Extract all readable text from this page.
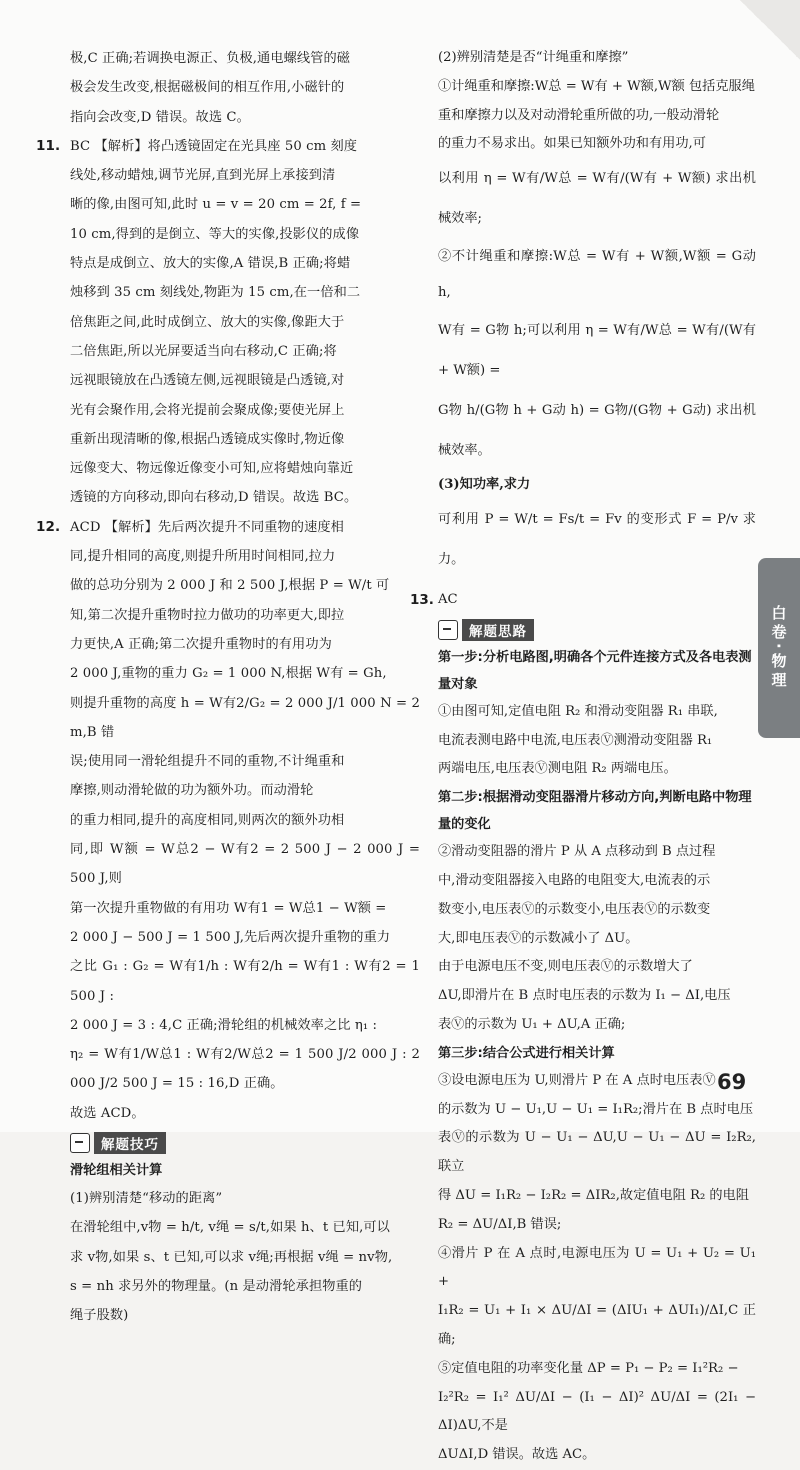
极,C 正确;若调换电源正、负极,通电螺线管的磁

极会发生改变,根据磁极间的相互作用,小磁针的

指向会改变,D 错误。故选 C。

11. BC 【解析】将凸透镜固定在光具座 50 cm 刻度

线处,移动蜡烛,调节光屏,直到光屏上承接到清

晰的像,由图可知,此时 u = v = 20 cm = 2f, f =

10 cm,得到的是倒立、等大的实像,投影仪的成像

特点是成倒立、放大的实像,A 错误,B 正确;将蜡

烛移到 35 cm 刻线处,物距为 15 cm,在一倍和二

倍焦距之间,此时成倒立、放大的实像,像距大于

二倍焦距,所以光屏要适当向右移动,C 正确;将

远视眼镜放在凸透镜左侧,远视眼镜是凸透镜,对

光有会聚作用,会将光提前会聚成像;要使光屏上

重新出现清晰的像,根据凸透镜成实像时,物近像

远像变大、物远像近像变小可知,应将蜡烛向靠近

透镜的方向移动,即向右移动,D 错误。故选 BC。

12. ACD 【解析】先后两次提升不同重物的速度相

同,提升相同的高度,则提升所用时间相同,拉力

做的总功分别为 2 000 J 和 2 500 J,根据 P = W/t 可

知,第二次提升重物时拉力做功的功率更大,即拉

力更快,A 正确;第二次提升重物时的有用功为

2 000 J,重物的重力 G₂ = 1 000 N,根据 W有 = Gh,

则提升重物的高度 h = W有2/G₂ = 2 000 J/1 000 N = 2 m,B 错

误;使用同一滑轮组提升不同的重物,不计绳重和

摩擦,则动滑轮做的功为额外功。而动滑轮

的重力相同,提升的高度相同,则两次的额外功相

同,即 W额 = W总2 − W有2 = 2 500 J − 2 000 J = 500 J,则

第一次提升重物做的有用功 W有1 = W总1 − W额 =

2 000 J − 500 J = 1 500 J,先后两次提升重物的重力

之比 G₁ : G₂ = W有1/h : W有2/h = W有1 : W有2 = 1 500 J :

2 000 J = 3 : 4,C 正确;滑轮组的机械效率之比 η₁ :

η₂ = W有1/W总1 : W有2/W总2 = 1 500 J/2 000 J : 2 000 J/2 500 J = 15 : 16,D 正确。

故选 ACD。

解题技巧
滑轮组相关计算
(1)辨别清楚“移动的距离”

在滑轮组中,v物 = h/t, v绳 = s/t,如果 h、t 已知,可以

求 v物,如果 s、t 已知,可以求 v绳;再根据 v绳 = nv物,

s = nh 求另外的物理量。(n 是动滑轮承担物重的

绳子股数)

(2)辨别清楚是否“计绳重和摩擦”

①计绳重和摩擦:W总 = W有 + W额,W额 包括克服绳

重和摩擦力以及对动滑轮重所做的功,一般动滑轮

的重力不易求出。如果已知额外功和有用功,可

以利用 η = W有/W总 = W有/(W有 + W额) 求出机械效率;

②不计绳重和摩擦:W总 = W有 + W额,W额 = G动 h,

W有 = G物 h;可以利用 η = W有/W总 = W有/(W有 + W额) =

G物 h/(G物 h + G动 h) = G物/(G物 + G动) 求出机械效率。

(3)知功率,求力
可利用 P = W/t = Fs/t = Fv 的变形式 F = P/v 求力。
13. AC

解题思路
第一步:分析电路图,明确各个元件连接方式及各电表测量对象

①由图可知,定值电阻 R₂ 和滑动变阻器 R₁ 串联,

电流表测电路中电流,电压表Ⓥ测滑动变阻器 R₁

两端电压,电压表Ⓥ测电阻 R₂ 两端电压。

第二步:根据滑动变阻器滑片移动方向,判断电路中物理量的变化

②滑动变阻器的滑片 P 从 A 点移动到 B 点过程

中,滑动变阻器接入电路的电阻变大,电流表的示

数变小,电压表Ⓥ的示数变小,电压表Ⓥ的示数变

大,即电压表Ⓥ的示数减小了 ΔU。

由于电源电压不变,则电压表Ⓥ的示数增大了

ΔU,即滑片在 B 点时电压表的示数为 I₁ − ΔI,电压

表Ⓥ的示数为 U₁ + ΔU,A 正确;

第三步:结合公式进行相关计算

③设电源电压为 U,则滑片 P 在 A 点时电压表Ⓥ

的示数为 U − U₁,U − U₁ = I₁R₂;滑片在 B 点时电压

表Ⓥ的示数为 U − U₁ − ΔU,U − U₁ − ΔU = I₂R₂,联立

得 ΔU = I₁R₂ − I₂R₂ = ΔIR₂,故定值电阻 R₂ 的电阻

R₂ = ΔU/ΔI,B 错误;

④滑片 P 在 A 点时,电源电压为 U = U₁ + U₂ = U₁ +

I₁R₂ = U₁ + I₁ × ΔU/ΔI = (ΔIU₁ + ΔUI₁)/ΔI,C 正确;

⑤定值电阻的功率变化量 ΔP = P₁ − P₂ = I₁²R₂ −

I₂²R₂ = I₁² ΔU/ΔI − (I₁ − ΔI)² ΔU/ΔI = (2I₁ − ΔI)ΔU,不是

ΔUΔI,D 错误。故选 AC。

白卷·物理
69
